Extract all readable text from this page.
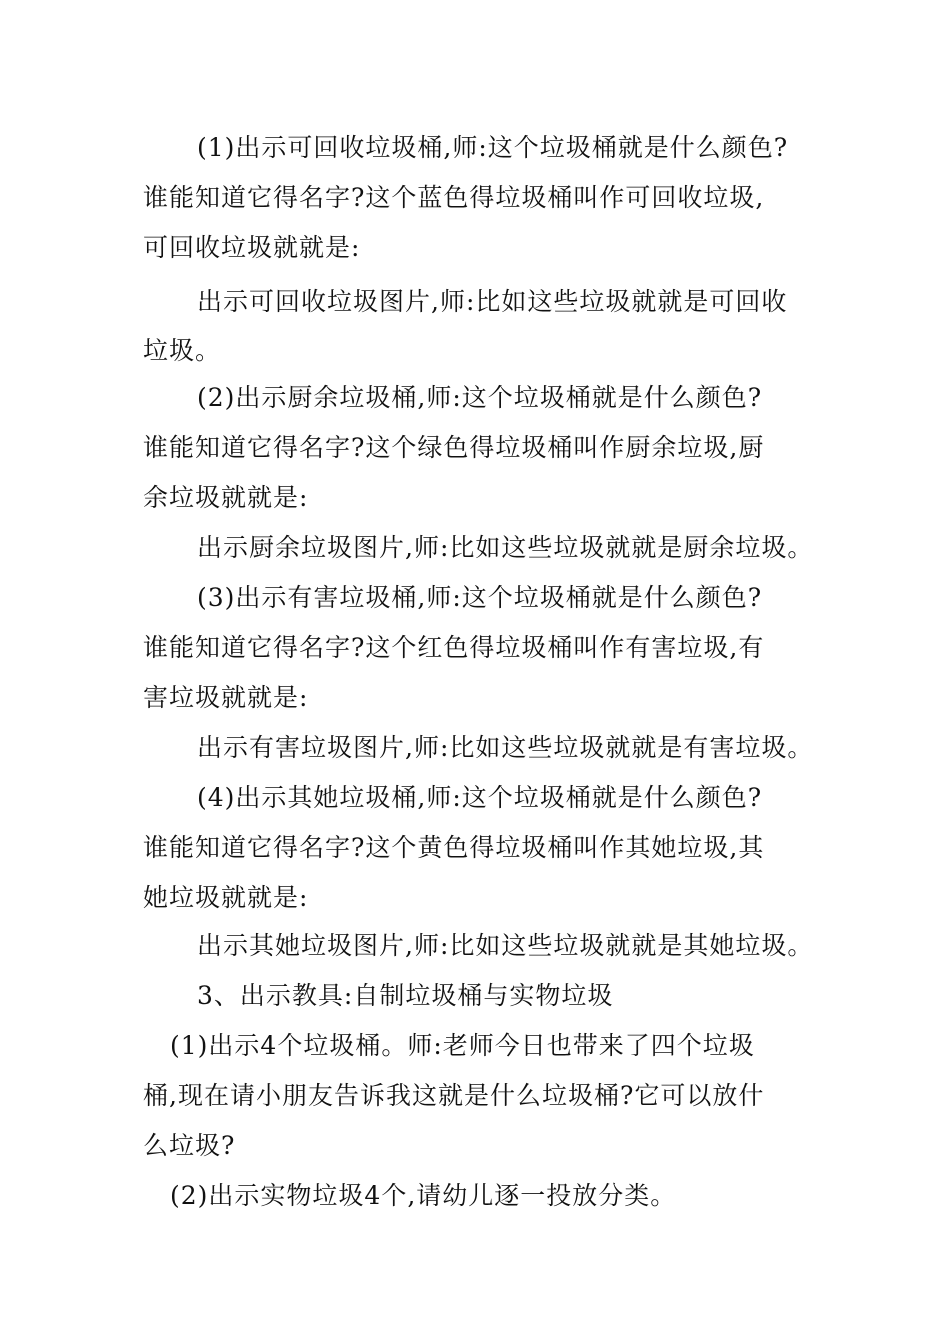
(1)出示可回收垃圾桶,师:这个垃圾桶就是什么颜色?
谁能知道它得名字?这个蓝色得垃圾桶叫作可回收垃圾,
可回收垃圾就就是:
出示可回收垃圾图片,师:比如这些垃圾就就是可回收
垃圾。
(2)出示厨余垃圾桶,师:这个垃圾桶就是什么颜色?
谁能知道它得名字?这个绿色得垃圾桶叫作厨余垃圾,厨
余垃圾就就是:
出示厨余垃圾图片,师:比如这些垃圾就就是厨余垃圾。
(3)出示有害垃圾桶,师:这个垃圾桶就是什么颜色?
谁能知道它得名字?这个红色得垃圾桶叫作有害垃圾,有
害垃圾就就是:
出示有害垃圾图片,师:比如这些垃圾就就是有害垃圾。
(4)出示其她垃圾桶,师:这个垃圾桶就是什么颜色?
谁能知道它得名字?这个黄色得垃圾桶叫作其她垃圾,其
她垃圾就就是:
出示其她垃圾图片,师:比如这些垃圾就就是其她垃圾。
3、出示教具:自制垃圾桶与实物垃圾
(1)出示4个垃圾桶。师:老师今日也带来了四个垃圾
桶,现在请小朋友告诉我这就是什么垃圾桶?它可以放什
么垃圾?
(2)出示实物垃圾4个,请幼儿逐一投放分类。
